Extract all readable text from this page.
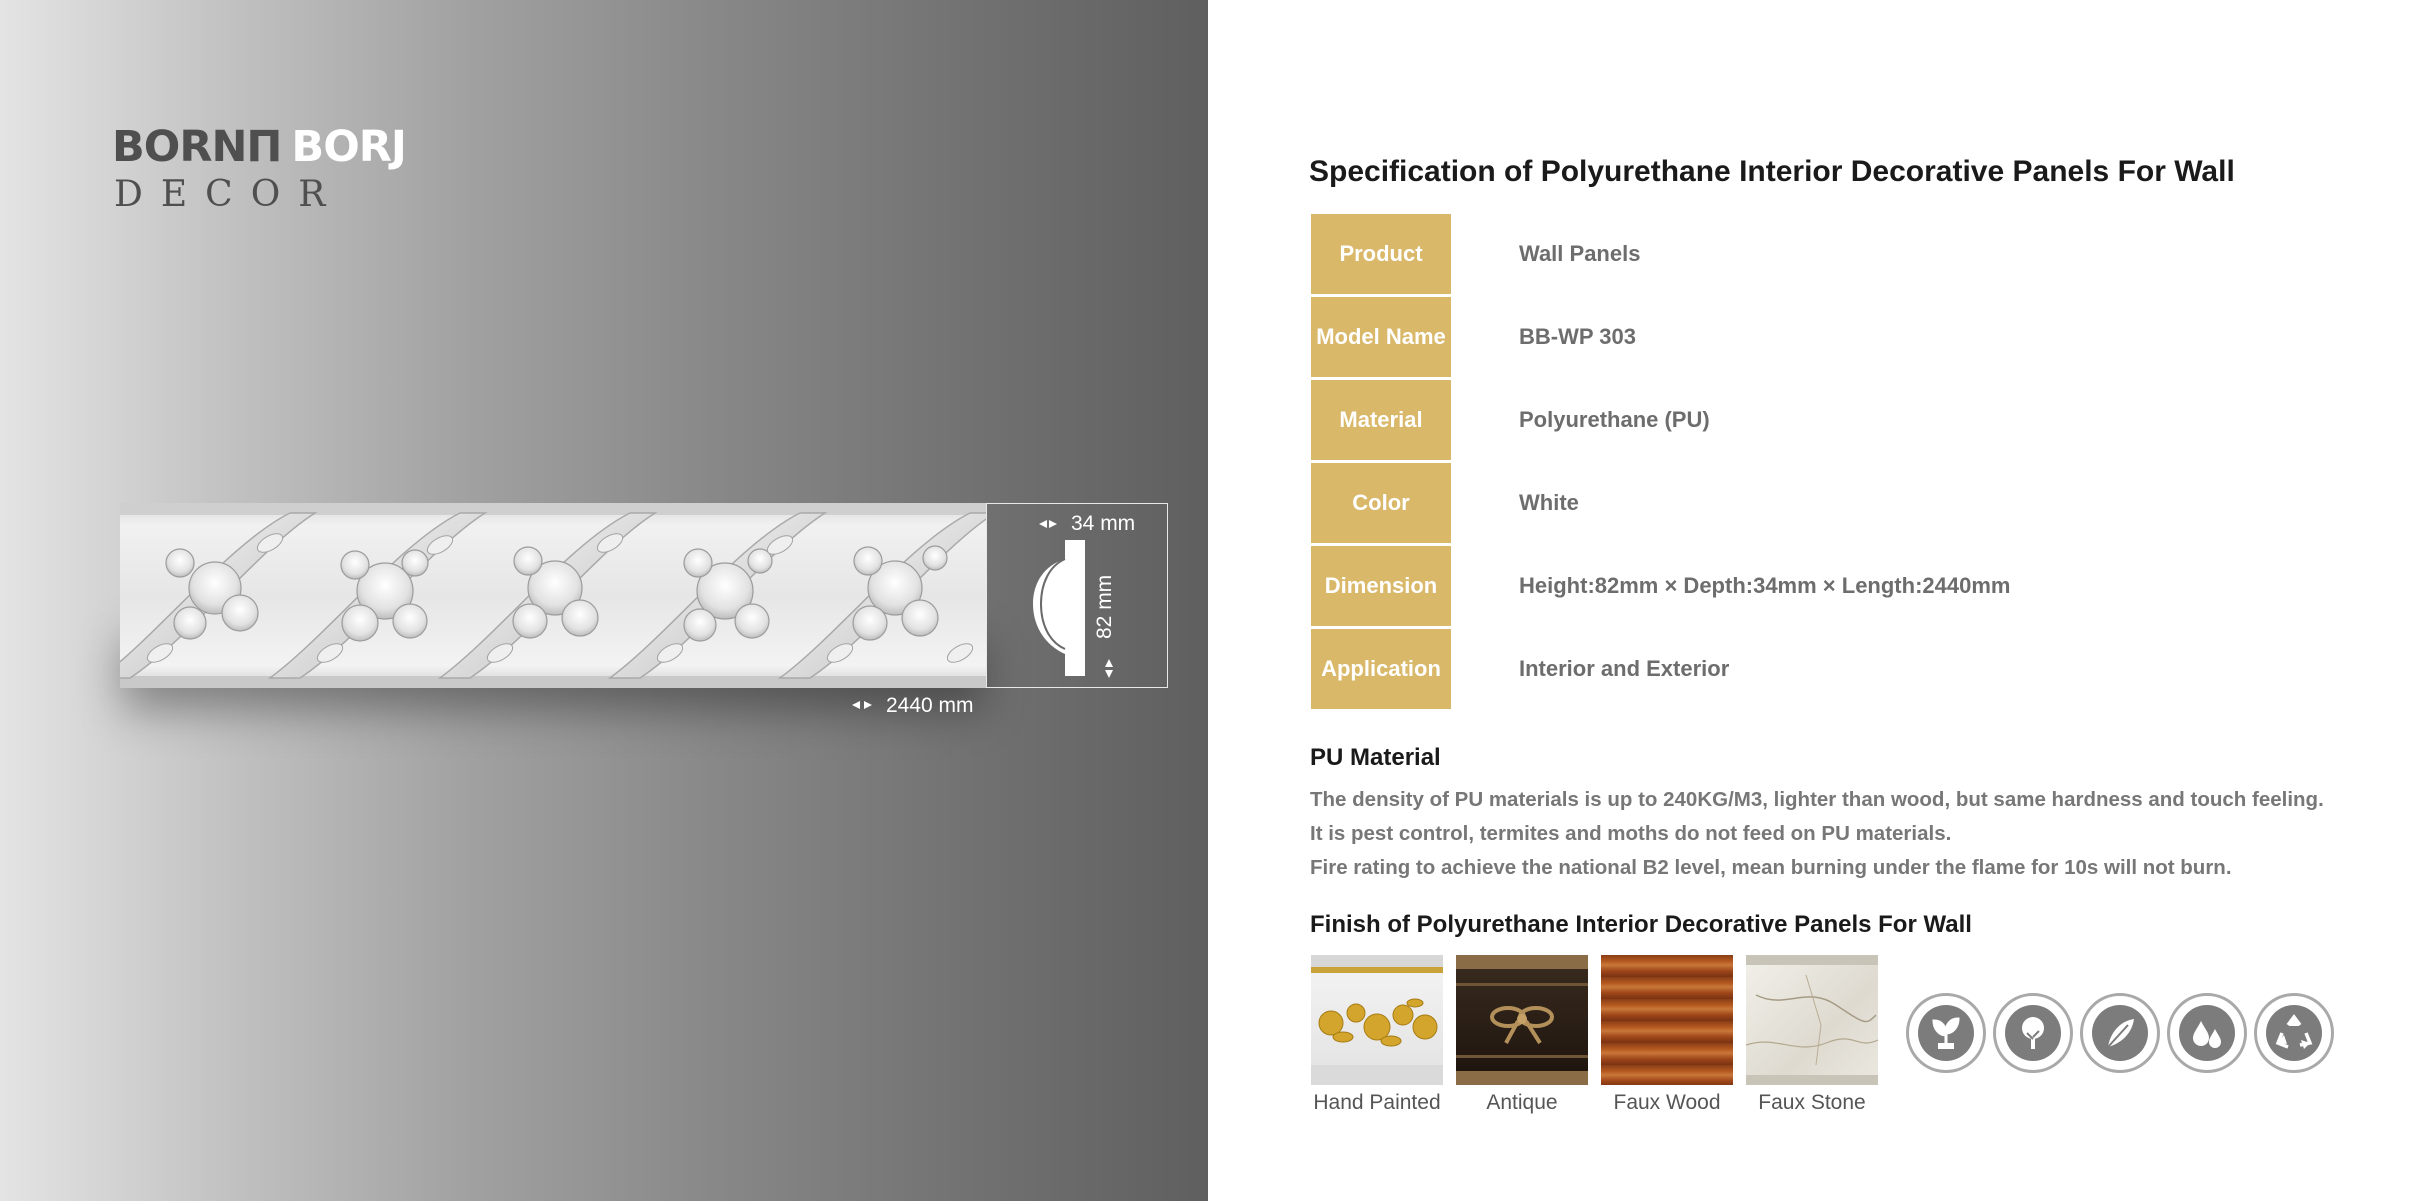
BORNΠ BORJ
DECOR
34 mm
82 mm
2440 mm
Specification of Polyurethane Interior Decorative Panels For Wall
Product	Wall Panels
Model Name	BB-WP 303
Material	Polyurethane (PU)
Color	White
Dimension	Height:82mm × Depth:34mm × Length:2440mm
Application	Interior and Exterior
PU Material
The density of PU materials is up to 240KG/M3, lighter than wood, but same hardness and touch feeling.
It is pest control, termites and moths do not feed on PU materials.
Fire rating to achieve the national B2 level, mean burning under the flame for 10s will not burn.
Finish of Polyurethane Interior Decorative Panels For Wall
Hand Painted	Antique	Faux Wood	Faux Stone
